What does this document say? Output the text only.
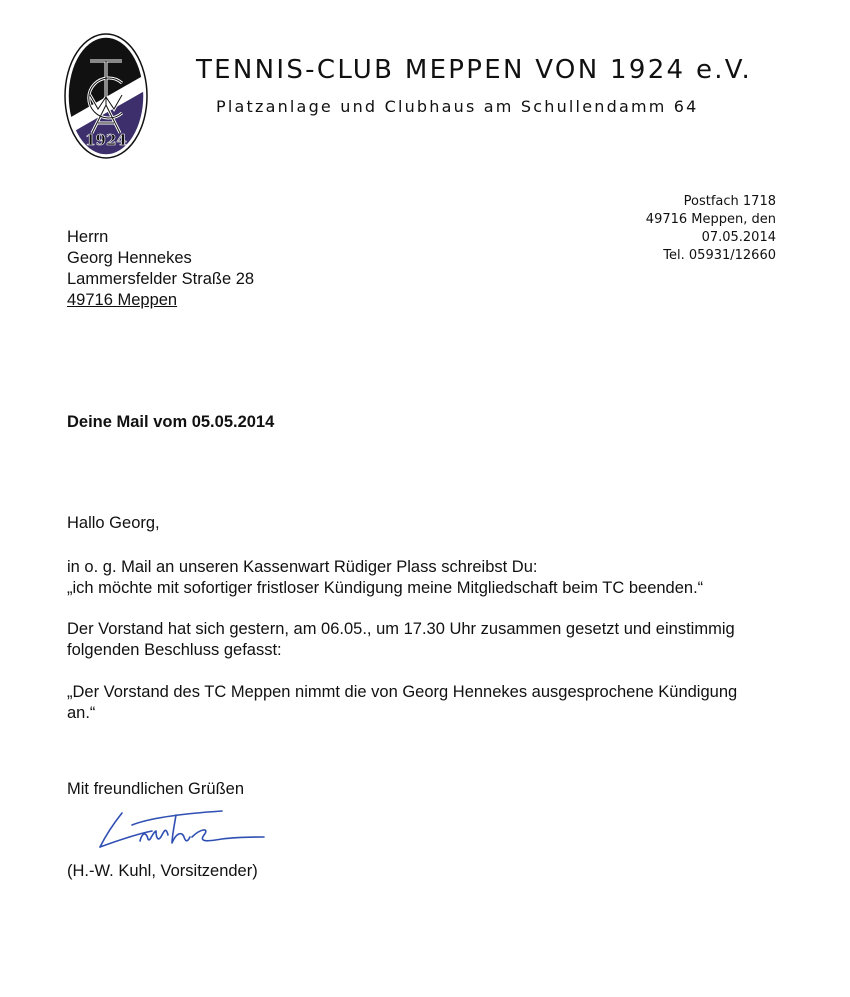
1924
TENNIS-CLUB MEPPEN VON 1924 e.V.
Platzanlage und Clubhaus am Schullendamm 64
Postfach 1718
49716 Meppen, den
07.05.2014
Tel. 05931/12660
Herrn
Georg Hennekes
Lammersfelder Straße 28
49716 Meppen
Deine Mail vom 05.05.2014
Hallo Georg,
in o. g. Mail an unseren Kassenwart Rüdiger Plass schreibst Du:
„ich möchte mit sofortiger fristloser Kündigung meine Mitgliedschaft beim TC beenden.“
Der Vorstand hat sich gestern, am 06.05., um 17.30 Uhr zusammen gesetzt und einstimmig
folgenden Beschluss gefasst:
„Der Vorstand des TC Meppen nimmt die von Georg Hennekes ausgesprochene Kündigung
an.“
Mit freundlichen Grüßen
(H.-W. Kuhl, Vorsitzender)
